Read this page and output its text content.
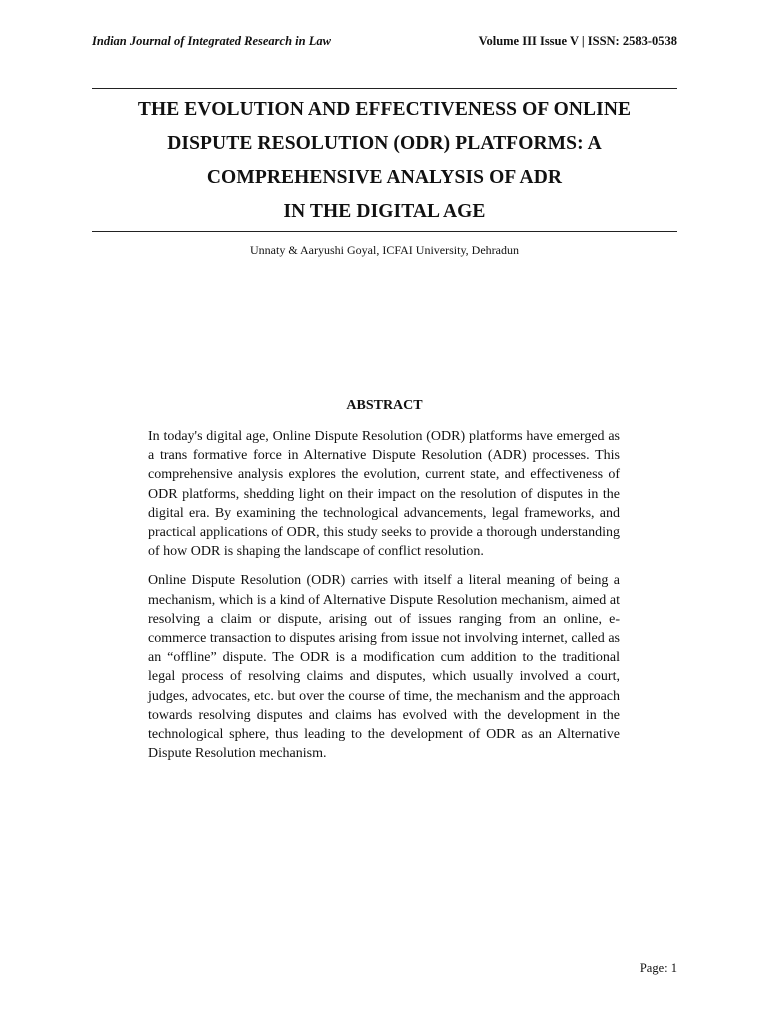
Indian Journal of Integrated Research in Law	Volume III Issue V | ISSN: 2583-0538
THE EVOLUTION AND EFFECTIVENESS OF ONLINE
DISPUTE RESOLUTION (ODR) PLATFORMS: A
COMPREHENSIVE ANALYSIS OF ADR
IN THE DIGITAL AGE
Unnaty & Aaryushi Goyal, ICFAI University, Dehradun
ABSTRACT

In today's digital age, Online Dispute Resolution (ODR) platforms have emerged as a trans formative force in Alternative Dispute Resolution (ADR) processes. This comprehensive analysis explores the evolution, current state, and effectiveness of ODR platforms, shedding light on their impact on the resolution of disputes in the digital era. By examining the technological advancements, legal frameworks, and practical applications of ODR, this study seeks to provide a thorough understanding of how ODR is shaping the landscape of conflict resolution.

Online Dispute Resolution (ODR) carries with itself a literal meaning of being a mechanism, which is a kind of Alternative Dispute Resolution mechanism, aimed at resolving a claim or dispute, arising out of issues ranging from an online, e-commerce transaction to disputes arising from issue not involving internet, called as an “offline” dispute. The ODR is a modification cum addition to the traditional legal process of resolving claims and disputes, which usually involved a court, judges, advocates, etc. but over the course of time, the mechanism and the approach towards resolving disputes and claims has evolved with the development in the technological sphere, thus leading to the development of ODR as an Alternative Dispute Resolution mechanism.

Page: 1
